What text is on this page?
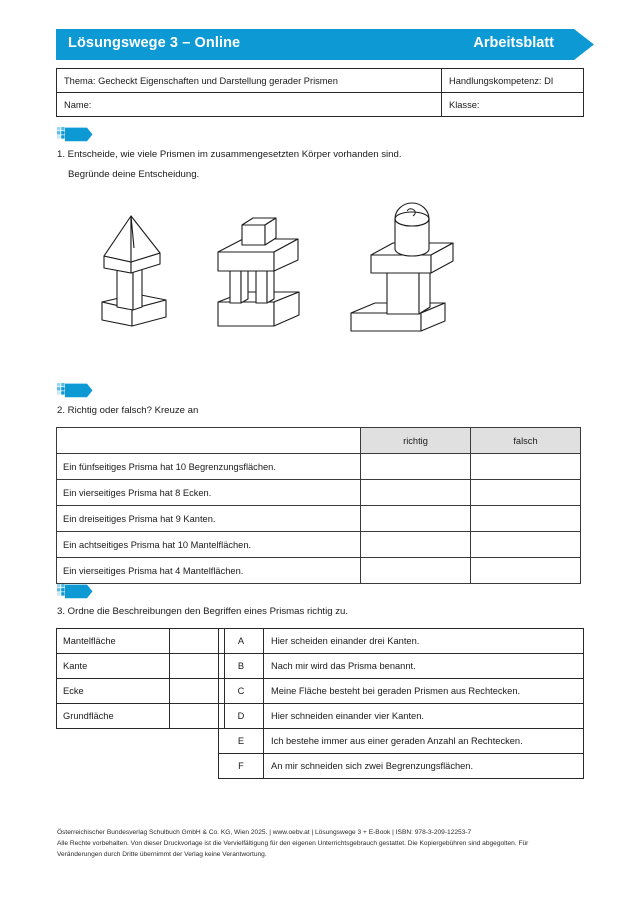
Lösungswege 3 – Online	Arbeitsblatt
Thema: Gecheckt Eigenschaften und Darstellung gerader Prismen	Handlungskompetenz: DI
Name:	Klasse:
1. Entscheide, wie viele Prismen im zusammengesetzten Körper vorhanden sind.
Begründe deine Entscheidung.
2. Richtig oder falsch? Kreuze an
	richtig	falsch
Ein fünfseitiges Prisma hat 10 Begrenzungsflächen.		
Ein vierseitiges Prisma hat 8 Ecken.		
Ein dreiseitiges Prisma hat 9 Kanten.		
Ein achtseitiges Prisma hat 10 Mantelflächen.		
Ein vierseitiges Prisma hat 4 Mantelflächen.		
3. Ordne die Beschreibungen den Begriffen eines Prismas richtig zu.
Mantelfläche	
Kante	
Ecke	
Grundfläche	
A	Hier scheiden einander drei Kanten.
B	Nach mir wird das Prisma benannt.
C	Meine Fläche besteht bei geraden Prismen aus Rechtecken.
D	Hier schneiden einander vier Kanten.
E	Ich bestehe immer aus einer geraden Anzahl an Rechtecken.
F	An mir schneiden sich zwei Begrenzungsflächen.
Österreichischer Bundesverlag Schulbuch GmbH & Co. KG, Wien 2025. | www.oebv.at | Lösungswege 3 + E-Book | ISBN: 978-3-209-12253-7
Alle Rechte vorbehalten. Von dieser Druckvorlage ist die Vervielfältigung für den eigenen Unterrichtsgebrauch gestattet. Die Kopiergebühren sind abgegolten. Für
Veränderungen durch Dritte übernimmt der Verlag keine Verantwortung.
